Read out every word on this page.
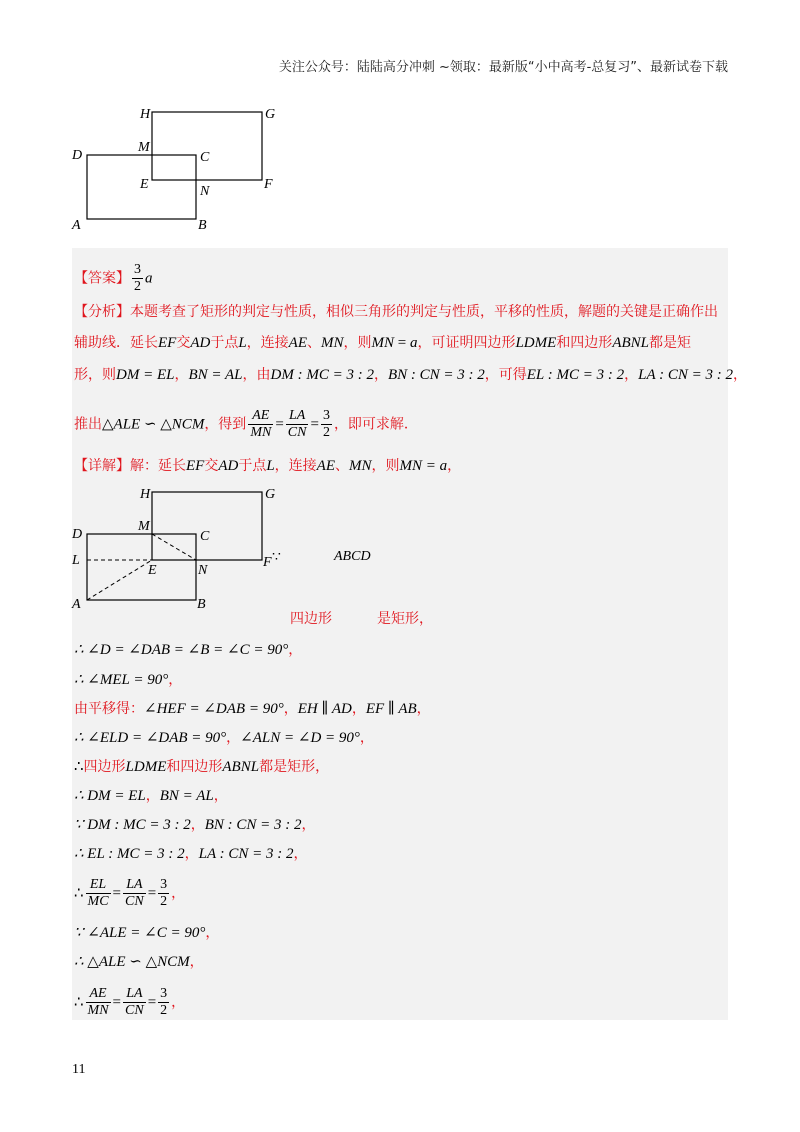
关注公众号：陆陆高分冲刺 ~领取：最新版“小中高考-总复习”、最新试卷下载
H	G
D
M
C
E	N	F
A	B
【答案】 $\frac{3}{2}$ a
【分析】本题考查了矩形的判定与性质，相似三角形的判定与性质，平移的性质，解题的关键是正确作出
辅助线．延长EF交AD于点L，连接AE、MN，则MN = a，可证明四边形LDME和四边形ABNL都是矩
形，则DM = EL，BN = AL，由DM : MC = 3 : 2，BN : CN = 3 : 2，可得EL : MC = 3 : 2，LA : CN = 3 : 2，
推出△ALE ∽ △NCM，得到 $\frac{AE}{MN} = \frac{LA}{CN} = \frac{3}{2}$ ，即可求解．
【详解】解：延长EF交AD于点L，连接AE、MN，则MN = a，
H	G
D
M
C
L
E	N
F
A	B
∵	ABCD
四边形	是矩形，
∴ ∠D = ∠DAB = ∠B = ∠C = 90°，
∴ ∠MEL = 90°，
由平移得：∠HEF = ∠DAB = 90°，EH ∥ AD，EF ∥ AB，
∴ ∠ELD = ∠DAB = 90°，∠ALN = ∠D = 90°，
∴四边形LDME和四边形ABNL都是矩形，
∴ DM = EL，BN = AL，
∵ DM : MC = 3 : 2，BN : CN = 3 : 2，
∴ EL : MC = 3 : 2，LA : CN = 3 : 2，
∴ $\frac{EL}{MC} = \frac{LA}{CN} = \frac{3}{2}$ ，
∵ ∠ALE = ∠C = 90°，
∴ △ALE ∽ △NCM，
∴ $\frac{AE}{MN} = \frac{LA}{CN} = \frac{3}{2}$ ，
11
